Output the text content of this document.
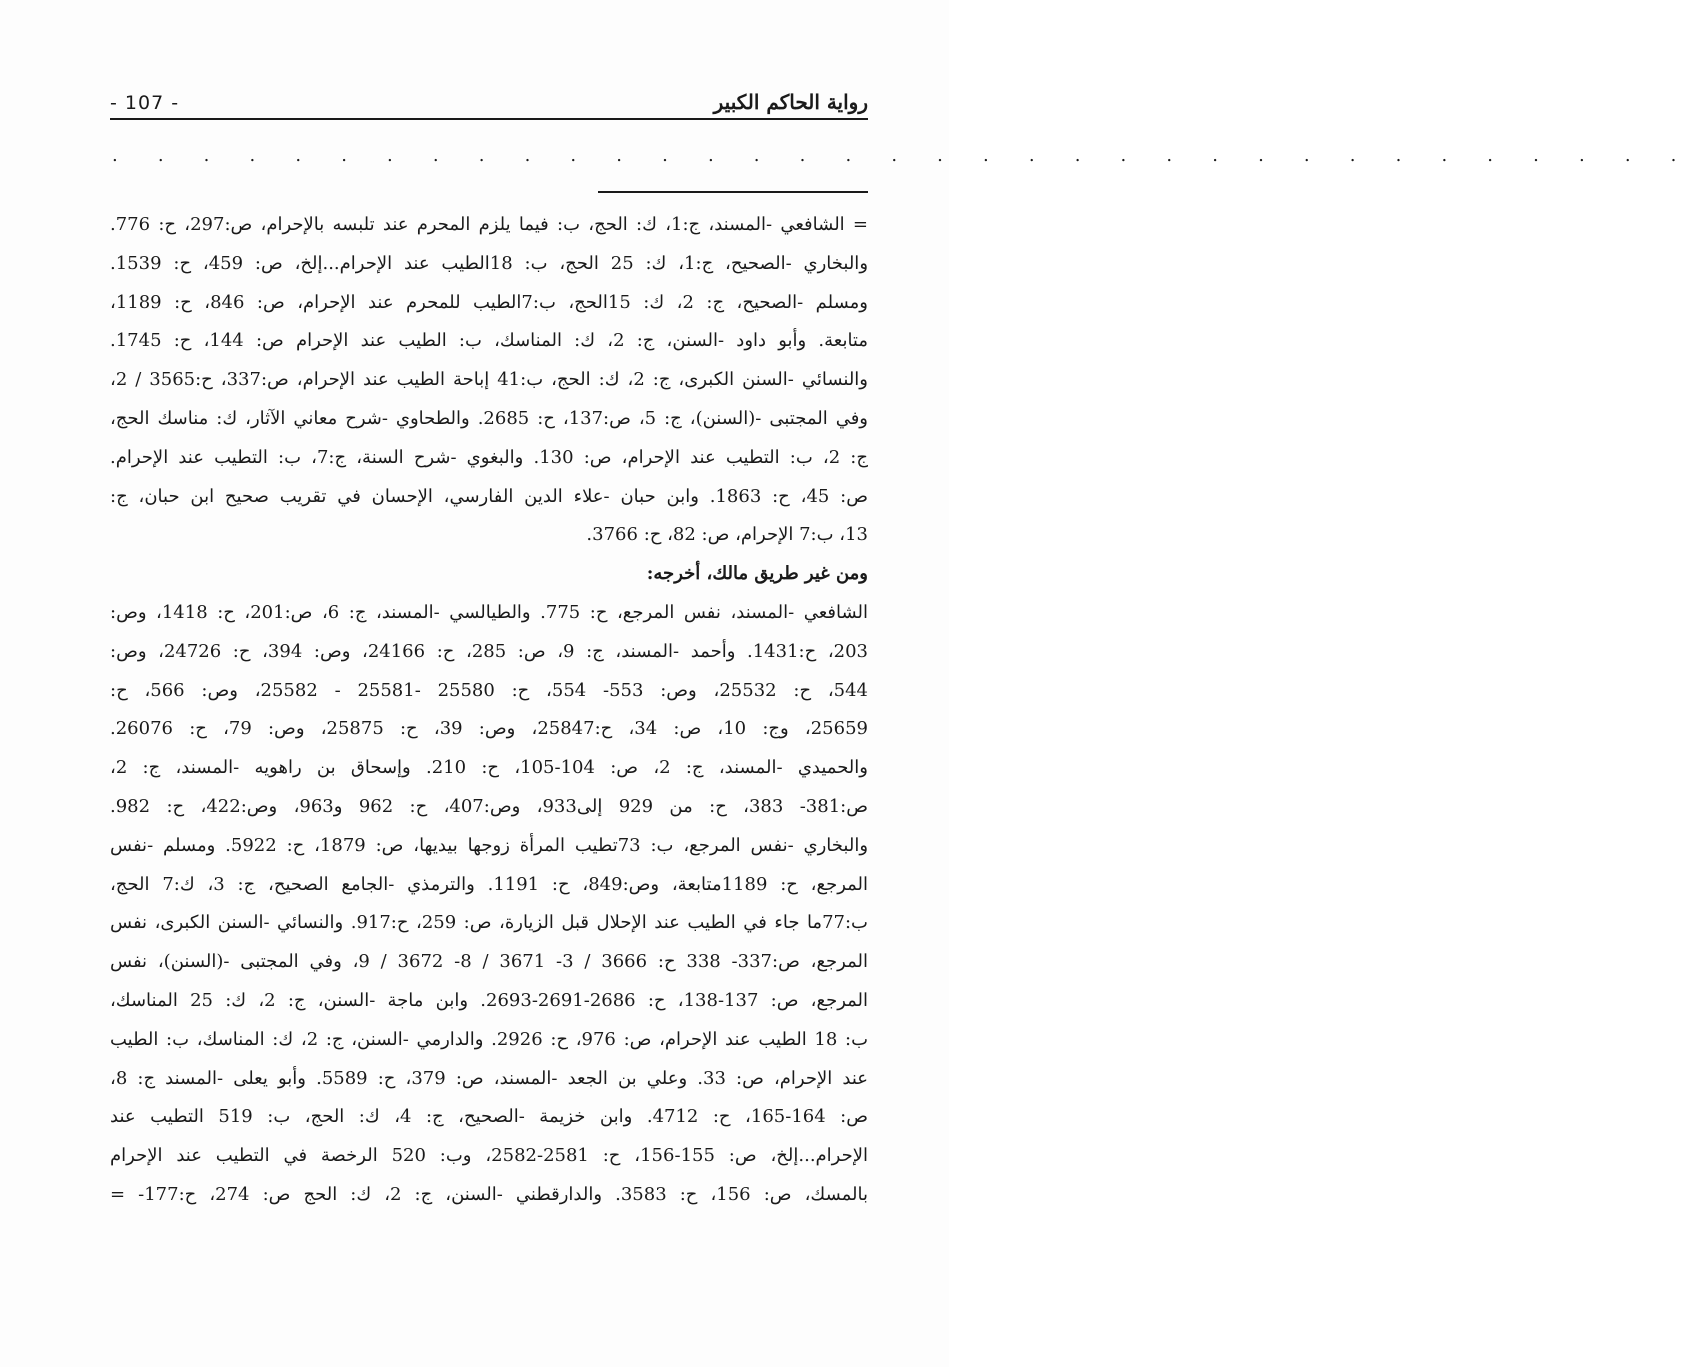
- 107 -	رواية الحاكم الكبير
. . . . . . . . . . . . . . . . . . . . . . . . . . . . . . . . . . .
= الشافعي -المسند، ج:1، ك: الحج، ب: فيما يلزم المحرم عند تلبسه بالإحرام، ص:297، ح: 776.
والبخاري -الصحيح، ج:1، ك: 25 الحج، ب: 18الطيب عند الإحرام...إلخ، ص: 459، ح: 1539.
ومسلم -الصحيح، ج: 2، ك: 15الحج، ب:7الطيب للمحرم عند الإحرام، ص: 846، ح: 1189،
متابعة. وأبو داود -السنن، ج: 2، ك: المناسك، ب: الطيب عند الإحرام ص: 144، ح: 1745.
والنسائي -السنن الكبرى، ج: 2، ك: الحج، ب:41 إباحة الطيب عند الإحرام، ص:337، ح:3565 / 2،
وفي المجتبى -(السنن)، ج: 5، ص:137، ح: 2685. والطحاوي -شرح معاني الآثار، ك: مناسك الحج،
ج: 2، ب: التطيب عند الإحرام، ص: 130. والبغوي -شرح السنة، ج:7، ب: التطيب عند الإحرام.
ص: 45، ح: 1863. وابن حبان -علاء الدين الفارسي، الإحسان في تقريب صحيح ابن حبان، ج:
13، ب:7 الإحرام، ص: 82، ح: 3766.
ومن غير طريق مالك، أخرجه:
الشافعي -المسند، نفس المرجع، ح: 775. والطيالسي -المسند، ج: 6، ص:201، ح: 1418، وص:
203، ح:1431. وأحمد -المسند، ج: 9، ص: 285، ح: 24166، وص: 394، ح: 24726، وص:
544، ح: 25532، وص: 553- 554، ح: 25580 -25581 - 25582، وص: 566، ح:
25659، وج: 10، ص: 34، ح:25847، وص: 39، ح: 25875، وص: 79، ح: 26076.
والحميدي -المسند، ج: 2، ص: 104-105، ح: 210. وإسحاق بن راهويه -المسند، ج: 2،
ص:381- 383، ح: من 929 إلى933، وص:407، ح: 962 و963، وص:422، ح: 982.
والبخاري -نفس المرجع، ب: 73تطيب المرأة زوجها بيديها، ص: 1879، ح: 5922. ومسلم -نفس
المرجع، ح: 1189متابعة، وص:849، ح: 1191. والترمذي -الجامع الصحيح، ج: 3، ك:7 الحج،
ب:77ما جاء في الطيب عند الإحلال قبل الزيارة، ص: 259، ح:917. والنسائي -السنن الكبرى، نفس
المرجع، ص:337- 338 ح: 3666 / 3- 3671 / 8- 3672 / 9، وفي المجتبى -(السنن)، نفس
المرجع، ص: 137-138، ح: 2686-2691-2693. وابن ماجة -السنن، ج: 2، ك: 25 المناسك،
ب: 18 الطيب عند الإحرام، ص: 976، ح: 2926. والدارمي -السنن، ج: 2، ك: المناسك، ب: الطيب
عند الإحرام، ص: 33. وعلي بن الجعد -المسند، ص: 379، ح: 5589. وأبو يعلى -المسند ج: 8،
ص: 164-165، ح: 4712. وابن خزيمة -الصحيح، ج: 4، ك: الحج، ب: 519 التطيب عند
الإحرام...إلخ، ص: 155-156، ح: 2581-2582، وب: 520 الرخصة في التطيب عند الإحرام
بالمسك، ص: 156، ح: 3583. والدارقطني -السنن، ج: 2، ك: الحج ص: 274، ح:177- =
